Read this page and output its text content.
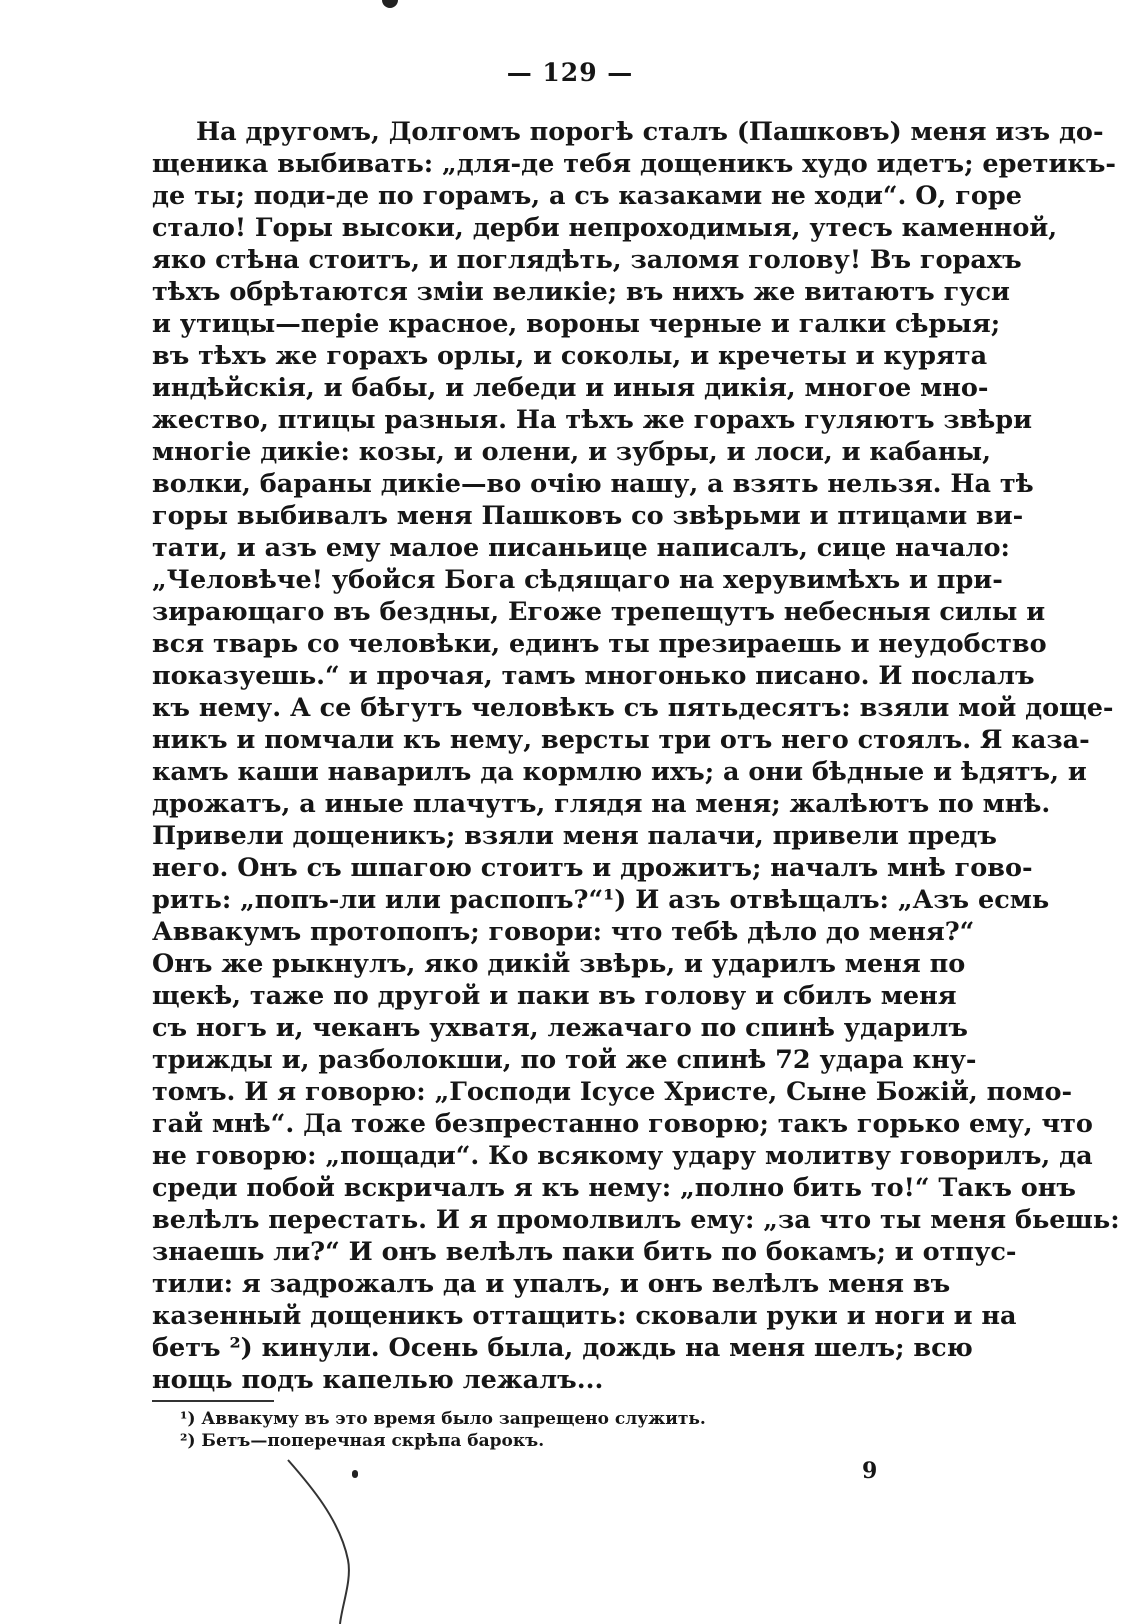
— 129 —
На другомъ, Долгомъ порогѣ сталъ (Пашковъ) меня изъ до-
щеника выбивать: „для-де тебя дощеникъ худо идетъ; еретикъ-
де ты; поди-де по горамъ, а съ казаками не ходи“. О, горе
стало! Горы высоки, дерби непроходимыя, утесъ каменной,
яко стѣна стоитъ, и поглядѣть, заломя голову! Въ горахъ
тѣхъ обрѣтаются змiи великiе; въ нихъ же витаютъ гуси
и утицы—перiе красное, вороны черные и галки сѣрыя;
въ тѣхъ же горахъ орлы, и соколы, и кречеты и курята
индѣйскiя, и бабы, и лебеди и иныя дикiя, многое мно-
жество, птицы разныя. На тѣхъ же горахъ гуляютъ звѣри
многiе дикiе: козы, и олени, и зубры, и лоси, и кабаны,
волки, бараны дикiе—во очiю нашу, а взять нельзя. На тѣ
горы выбивалъ меня Пашковъ со звѣрьми и птицами ви-
тати, и азъ ему малое писаньице написалъ, сице начало:
„Человѣче! убойся Бога сѣдящаго на херувимѣхъ и при-
зирающаго въ бездны, Егоже трепещутъ небесныя силы и
вся тварь со человѣки, единъ ты презираешь и неудобство
показуешь.“ и прочая, тамъ многонько писано. И послалъ
къ нему. А се бѣгутъ человѣкъ съ пятьдесятъ: взяли мой доще-
никъ и помчали къ нему, версты три отъ него стоялъ. Я каза-
камъ каши наварилъ да кормлю ихъ; а они бѣдные и ѣдятъ, и
дрожатъ, а иные плачутъ, глядя на меня; жалѣютъ по мнѣ.
Привели дощеникъ; взяли меня палачи, привели предъ
него. Онъ съ шпагою стоитъ и дрожитъ; началъ мнѣ гово-
рить: „попъ-ли или распопъ?“¹) И азъ отвѣщалъ: „Азъ есмь
Аввакумъ протопопъ; говори: что тебѣ дѣло до меня?“
Онъ же рыкнулъ, яко дикiй звѣрь, и ударилъ меня по
щекѣ, таже по другой и паки въ голову и сбилъ меня
съ ногъ и, чеканъ ухватя, лежачаго по спинѣ ударилъ
трижды и, разболокши, по той же спинѣ 72 удара кну-
томъ. И я говорю: „Господи Iсусе Христе, Сыне Божiй, помо-
гай мнѣ“. Да тоже безпрестанно говорю; такъ горько ему, что
не говорю: „пощади“. Ко всякому удару молитву говорилъ, да
среди побой вскричалъ я къ нему: „полно бить то!“ Такъ онъ
велѣлъ перестать. И я промолвилъ ему: „за что ты меня бьешь:
знаешь ли?“ И онъ велѣлъ паки бить по бокамъ; и отпус-
тили: я задрожалъ да и упалъ, и онъ велѣлъ меня въ
казенный дощеникъ оттащить: сковали руки и ноги и на
бетъ ²) кинули. Осень была, дождь на меня шелъ; всю
нощь подъ капелью лежалъ...
¹) Аввакуму въ это время было запрещено служить.
²) Бетъ—поперечная скрѣпа барокъ.
9
